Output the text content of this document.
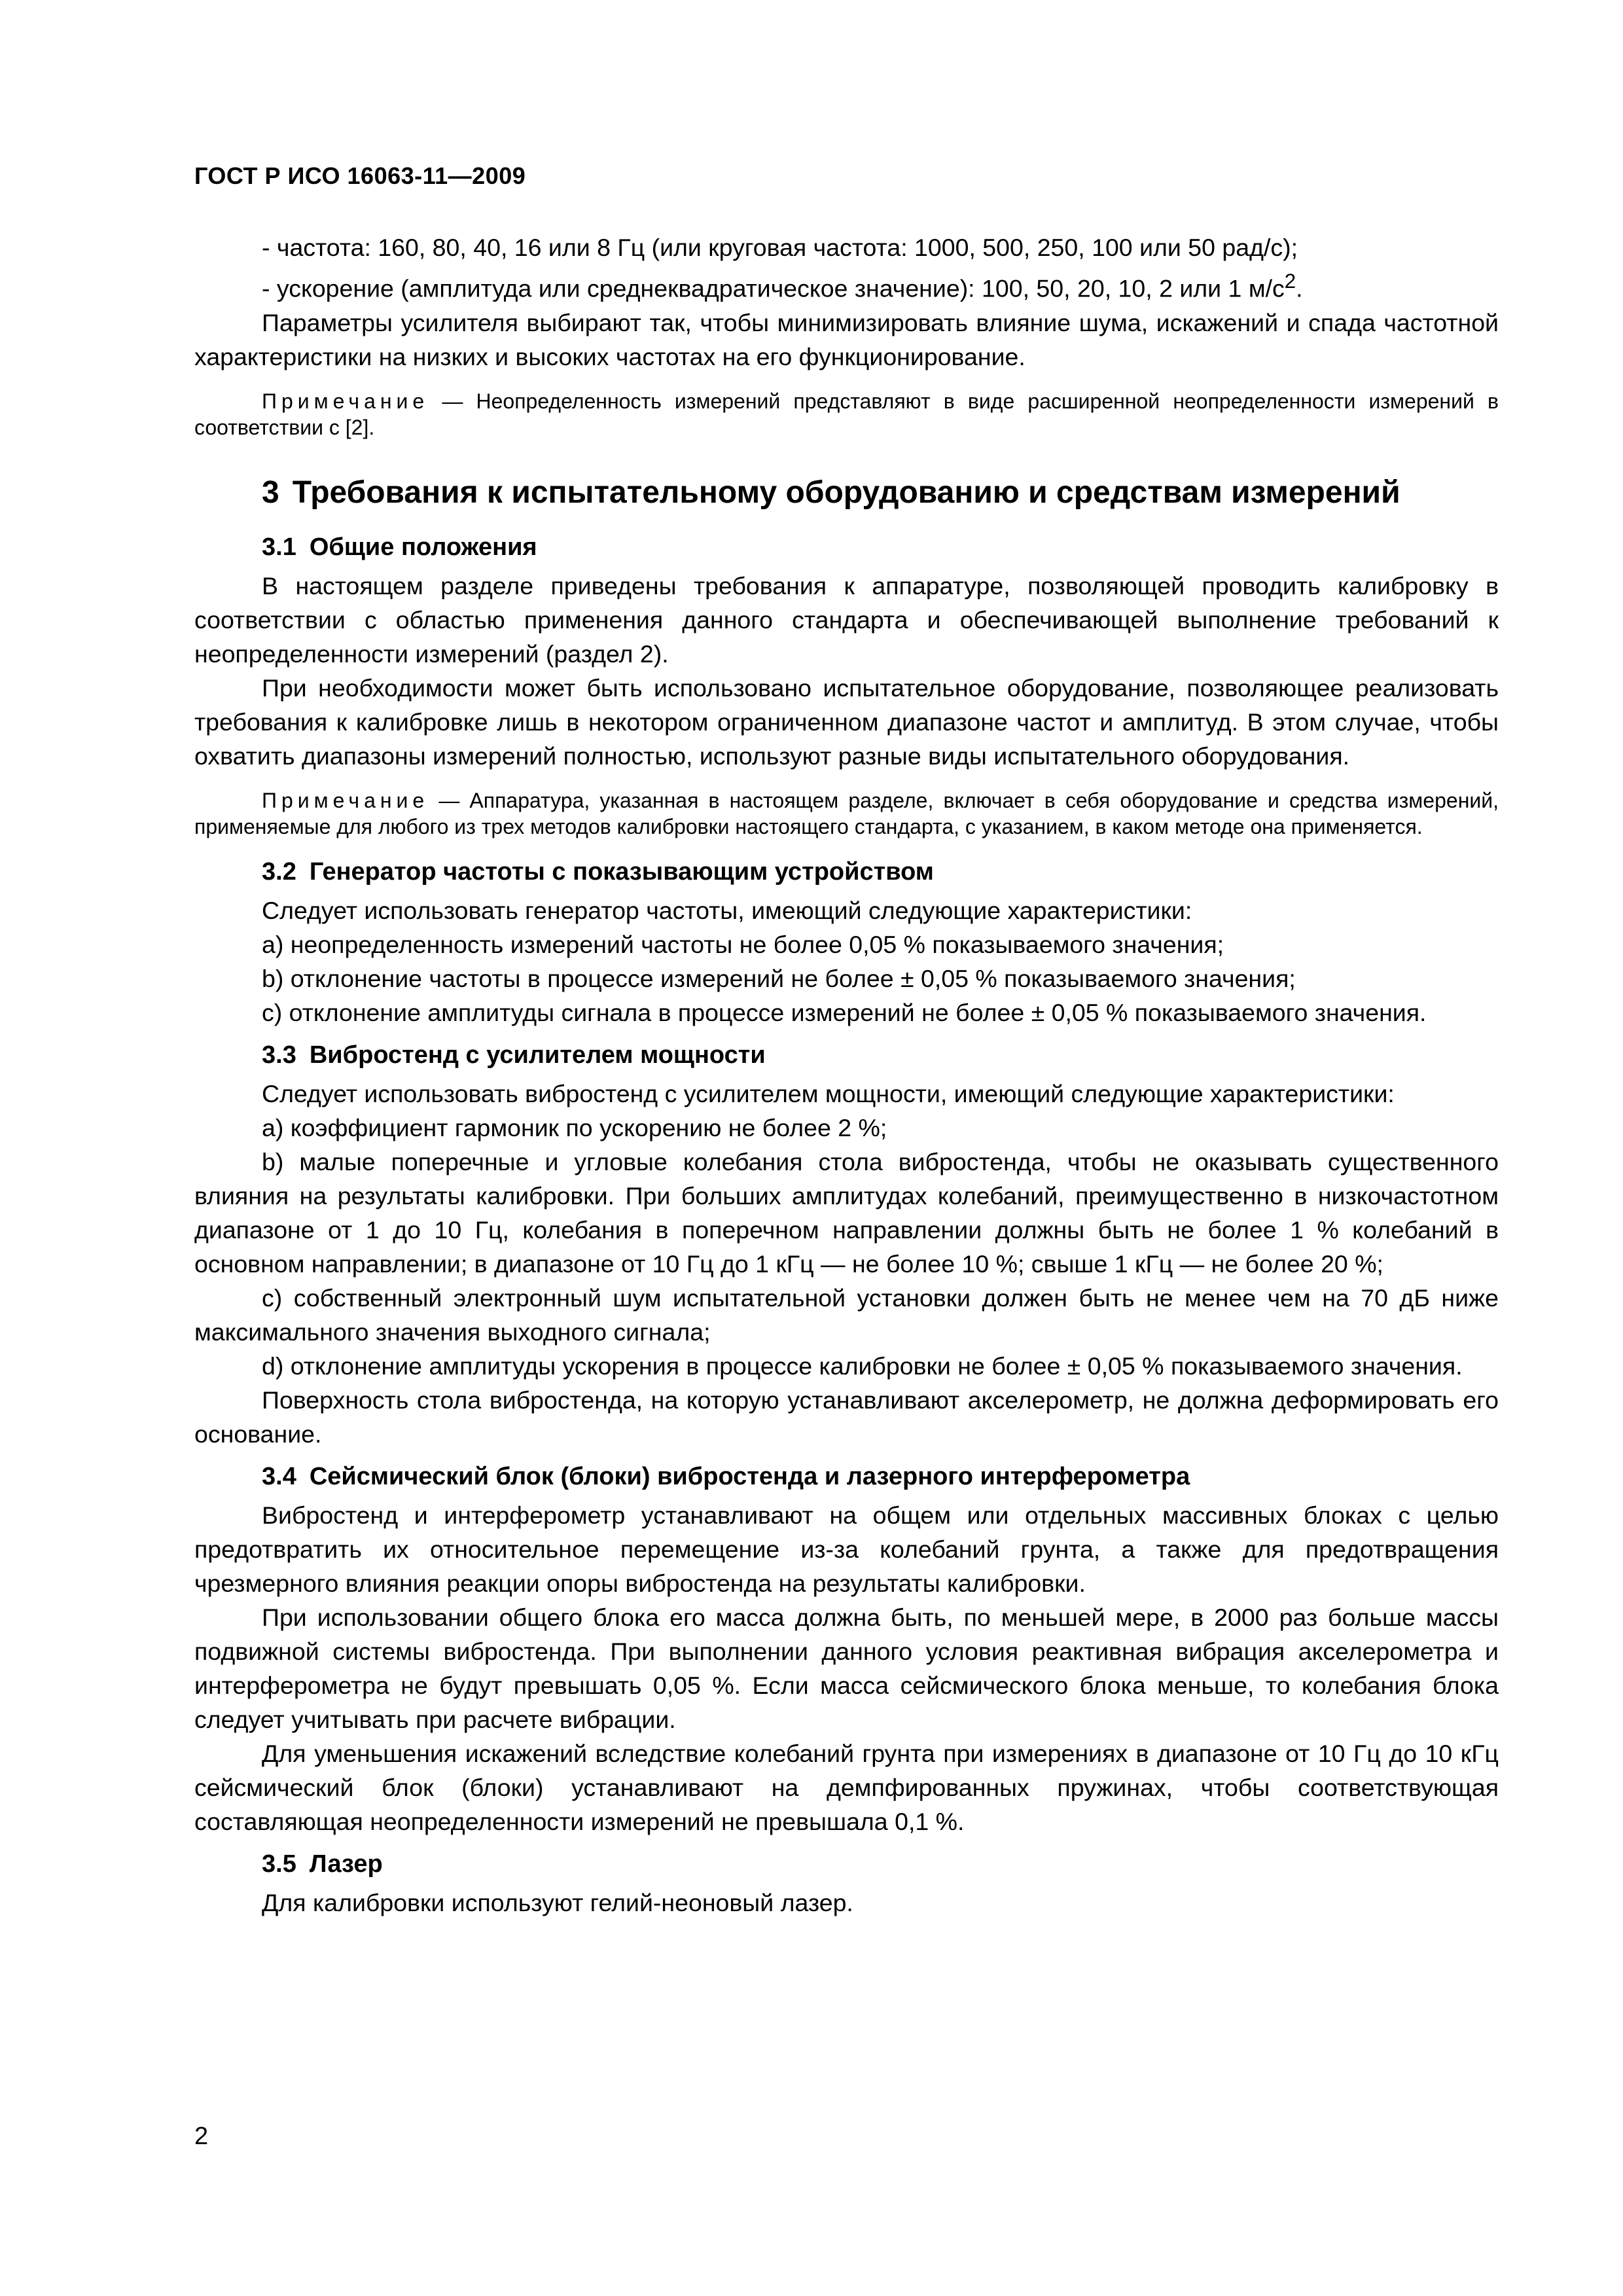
ГОСТ Р ИСО 16063-11—2009

- частота: 160, 80, 40, 16 или 8 Гц (или круговая частота: 1000, 500, 250, 100 или 50 рад/с);

- ускорение (амплитуда или среднеквадратическое значение): 100, 50, 20, 10, 2 или 1 $м/с^2$.

Параметры усилителя выбирают так, чтобы минимизировать влияние шума, искажений и спада частотной характеристики на низких и высоких частотах на его функционирование.

Примечание — Неопределенность измерений представляют в виде расширенной неопределенности измерений в соответствии с [2].

3 Требования к испытательному оборудованию и средствам измерений
3.1 Общие положения

В настоящем разделе приведены требования к аппаратуре, позволяющей проводить калибровку в соответствии с областью применения данного стандарта и обеспечивающей выполнение требований к неопределенности измерений (раздел 2).

При необходимости может быть использовано испытательное оборудование, позволяющее реализовать требования к калибровке лишь в некотором ограниченном диапазоне частот и амплитуд. В этом случае, чтобы охватить диапазоны измерений полностью, используют разные виды испытательного оборудования.

Примечание — Аппаратура, указанная в настоящем разделе, включает в себя оборудование и средства измерений, применяемые для любого из трех методов калибровки настоящего стандарта, с указанием, в каком методе она применяется.

3.2 Генератор частоты с показывающим устройством

Следует использовать генератор частоты, имеющий следующие характеристики:

а) неопределенность измерений частоты не более 0,05 % показываемого значения;

b) отклонение частоты в процессе измерений не более ± 0,05 % показываемого значения;

с) отклонение амплитуды сигнала в процессе измерений не более ± 0,05 % показываемого значения.

3.3 Вибростенд с усилителем мощности

Следует использовать вибростенд с усилителем мощности, имеющий следующие характеристики:

а) коэффициент гармоник по ускорению не более 2 %;

b) малые поперечные и угловые колебания стола вибростенда, чтобы не оказывать существенного влияния на результаты калибровки. При больших амплитудах колебаний, преимущественно в низкочастотном диапазоне от 1 до 10 Гц, колебания в поперечном направлении должны быть не более 1 % колебаний в основном направлении; в диапазоне от 10 Гц до 1 кГц — не более 10 %; свыше 1 кГц — не более 20 %;

с) собственный электронный шум испытательной установки должен быть не менее чем на 70 дБ ниже максимального значения выходного сигнала;

d) отклонение амплитуды ускорения в процессе калибровки не более ± 0,05 % показываемого значения.

Поверхность стола вибростенда, на которую устанавливают акселерометр, не должна деформировать его основание.

3.4 Сейсмический блок (блоки) вибростенда и лазерного интерферометра

Вибростенд и интерферометр устанавливают на общем или отдельных массивных блоках с целью предотвратить их относительное перемещение из-за колебаний грунта, а также для предотвращения чрезмерного влияния реакции опоры вибростенда на результаты калибровки.

При использовании общего блока его масса должна быть, по меньшей мере, в 2000 раз больше массы подвижной системы вибростенда. При выполнении данного условия реактивная вибрация акселерометра и интерферометра не будут превышать 0,05 %. Если масса сейсмического блока меньше, то колебания блока следует учитывать при расчете вибрации.

Для уменьшения искажений вследствие колебаний грунта при измерениях в диапазоне от 10 Гц до 10 кГц сейсмический блок (блоки) устанавливают на демпфированных пружинах, чтобы соответствующая составляющая неопределенности измерений не превышала 0,1 %.

3.5 Лазер

Для калибровки используют гелий-неоновый лазер.

2
